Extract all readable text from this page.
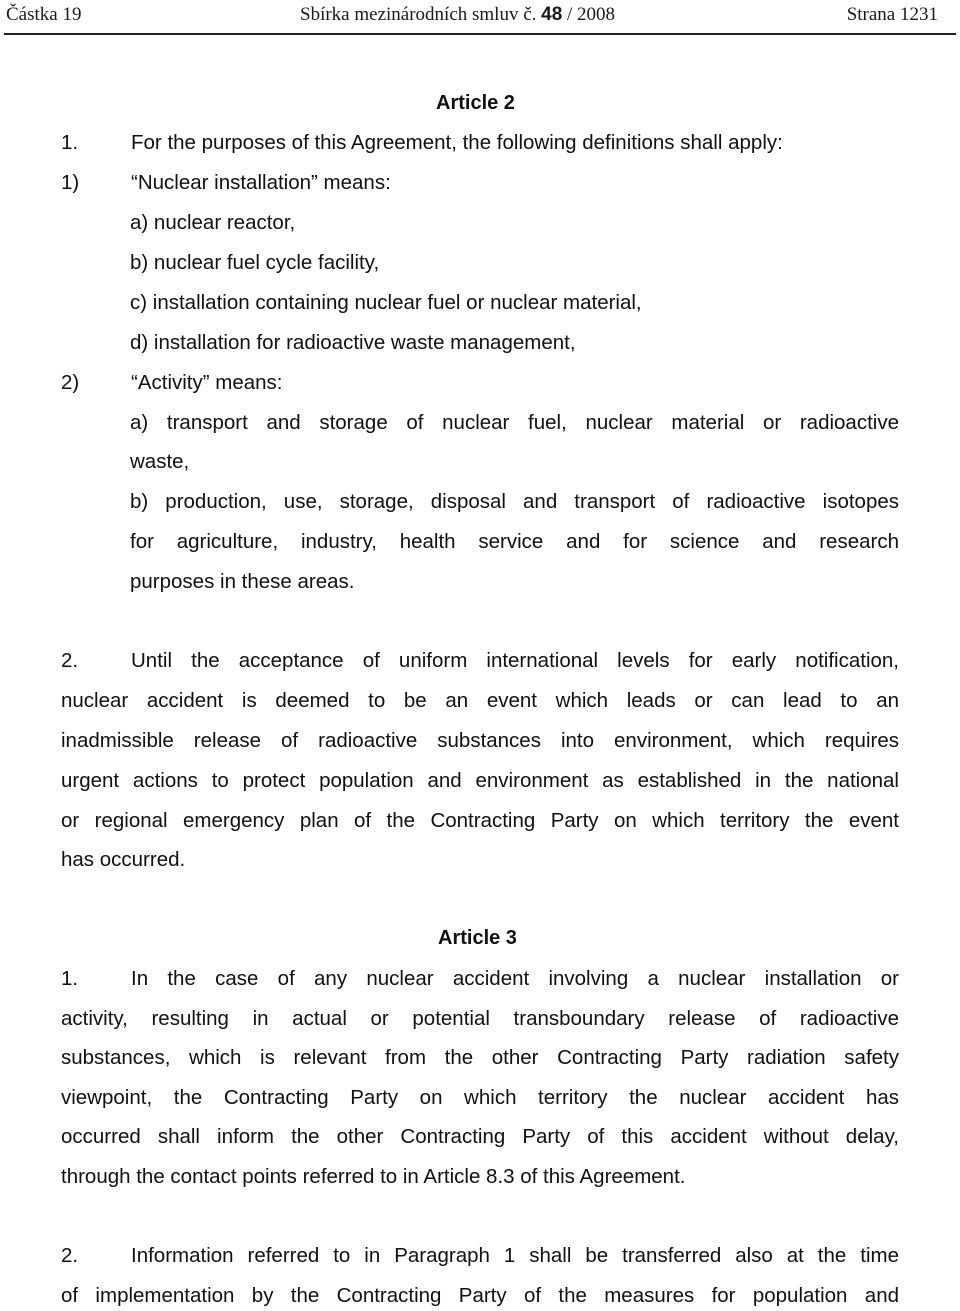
Částka 19	Sbírka mezinárodních smluv č. 48 / 2008	Strana 1231
Article 2
1.	For the purposes of this Agreement, the following definitions shall apply:
1)	“Nuclear installation” means:
a) nuclear reactor,
b) nuclear fuel cycle facility,
c) installation containing nuclear fuel or nuclear material,
d) installation for radioactive waste management,
2)	“Activity” means:
a) transport and storage of nuclear fuel, nuclear material or radioactive
waste,
b) production, use, storage, disposal and transport of radioactive isotopes
for agriculture, industry, health service and for science and research
purposes in these areas.
2.	Until the acceptance of uniform international levels for early notification,
nuclear accident is deemed to be an event which leads or can lead to an
inadmissible release of radioactive substances into environment, which requires
urgent actions to protect population and environment as established in the national
or regional emergency plan of the Contracting Party on which territory the event
has occurred.
Article 3
1.	In the case of any nuclear accident involving a nuclear installation or
activity, resulting in actual or potential transboundary release of radioactive
substances, which is relevant from the other Contracting Party radiation safety
viewpoint, the Contracting Party on which territory the nuclear accident has
occurred shall inform the other Contracting Party of this accident without delay,
through the contact points referred to in Article 8.3 of this Agreement.
2.	Information referred to in Paragraph 1 shall be transferred also at the time
of implementation by the Contracting Party of the measures for population and
